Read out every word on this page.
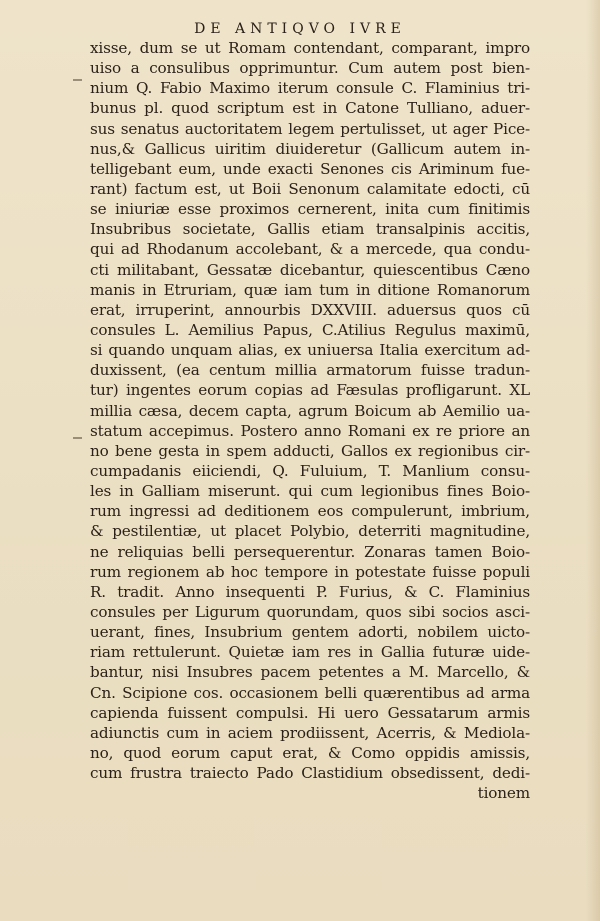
DE ANTIQVO IVRE
xisse, dum se ut Romam contendant, comparant, impro
uiso a consulibus opprimuntur. Cum autem post bien-
nium Q. Fabio Maximo iterum consule C. Flaminius tri-
bunus pl. quod scriptum est in Catone Tulliano, aduer-
sus senatus auctoritatem legem pertulisset, ut ager Pice-
nus,& Gallicus uiritim diuideretur (Gallicum autem in-
telligebant eum, unde exacti Senones cis Ariminum fue-
rant) factum est, ut Boii Senonum calamitate edocti, cū
se iniuriæ esse proximos cernerent, inita cum finitimis
Insubribus societate, Gallis etiam transalpinis accitis,
qui ad Rhodanum accolebant, & a mercede, qua condu-
cti militabant, Gessatæ dicebantur, quiescentibus Cæno
manis in Etruriam, quæ iam tum in ditione Romanorum
erat, irruperint, annourbis DXXVIII. aduersus quos cū
consules L. Aemilius Papus, C.Atilius Regulus maximū,
si quando unquam alias, ex uniuersa Italia exercitum ad-
duxissent, (ea centum millia armatorum fuisse tradun-
tur) ingentes eorum copias ad Fæsulas profligarunt. XL
millia cæsa, decem capta, agrum Boicum ab Aemilio ua-
statum accepimus. Postero anno Romani ex re priore an
no bene gesta in spem adducti, Gallos ex regionibus cir-
cumpadanis eiiciendi, Q. Fuluium, T. Manlium consu-
les in Galliam miserunt. qui cum legionibus fines Boio-
rum ingressi ad deditionem eos compulerunt, imbrium,
& pestilentiæ, ut placet Polybio, deterriti magnitudine,
ne reliquias belli persequerentur. Zonaras tamen Boio-
rum regionem ab hoc tempore in potestate fuisse populi
R. tradit. Anno insequenti P. Furius, & C. Flaminius
consules per Ligurum quorundam, quos sibi socios asci-
uerant, fines, Insubrium gentem adorti, nobilem uicto-
riam rettulerunt. Quietæ iam res in Gallia futuræ uide-
bantur, nisi Insubres pacem petentes a M. Marcello, &
Cn. Scipione cos. occasionem belli quærentibus ad arma
capienda fuissent compulsi. Hi uero Gessatarum armis
adiunctis cum in aciem prodiissent, Acerris, & Mediola-
no, quod eorum caput erat, & Como oppidis amissis,
cum frustra traiecto Pado Clastidium obsedissent, dedi-
tionem
